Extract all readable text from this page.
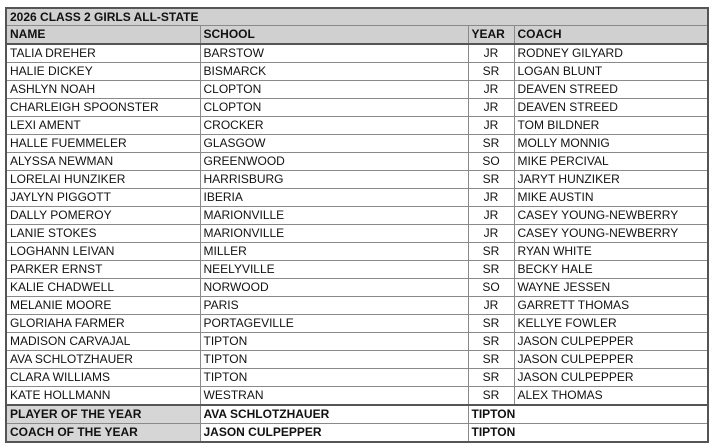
2026 CLASS 2 GIRLS ALL-STATE			
NAME	SCHOOL	YEAR	COACH
TALIA DREHER	BARSTOW	JR	RODNEY GILYARD
HALIE DICKEY	BISMARCK	SR	LOGAN BLUNT
ASHLYN NOAH	CLOPTON	JR	DEAVEN STREED
CHARLEIGH SPOONSTER	CLOPTON	JR	DEAVEN STREED
LEXI AMENT	CROCKER	JR	TOM BILDNER
HALLE FUEMMELER	GLASGOW	SR	MOLLY MONNIG
ALYSSA NEWMAN	GREENWOOD	SO	MIKE PERCIVAL
LORELAI HUNZIKER	HARRISBURG	SR	JARYT HUNZIKER
JAYLYN PIGGOTT	IBERIA	JR	MIKE AUSTIN
DALLY POMEROY	MARIONVILLE	JR	CASEY YOUNG-NEWBERRY
LANIE STOKES	MARIONVILLE	JR	CASEY YOUNG-NEWBERRY
LOGHANN LEIVAN	MILLER	SR	RYAN WHITE
PARKER ERNST	NEELYVILLE	SR	BECKY HALE
KALIE CHADWELL	NORWOOD	SO	WAYNE JESSEN
MELANIE MOORE	PARIS	JR	GARRETT THOMAS
GLORIAHA FARMER	PORTAGEVILLE	SR	KELLYE FOWLER
MADISON CARVAJAL	TIPTON	SR	JASON CULPEPPER
AVA SCHLOTZHAUER	TIPTON	SR	JASON CULPEPPER
CLARA WILLIAMS	TIPTON	SR	JASON CULPEPPER
KATE HOLLMANN	WESTRAN	SR	ALEX THOMAS
PLAYER OF THE YEAR	AVA SCHLOTZHAUER	TIPTON	
COACH OF THE YEAR	JASON CULPEPPER	TIPTON	
